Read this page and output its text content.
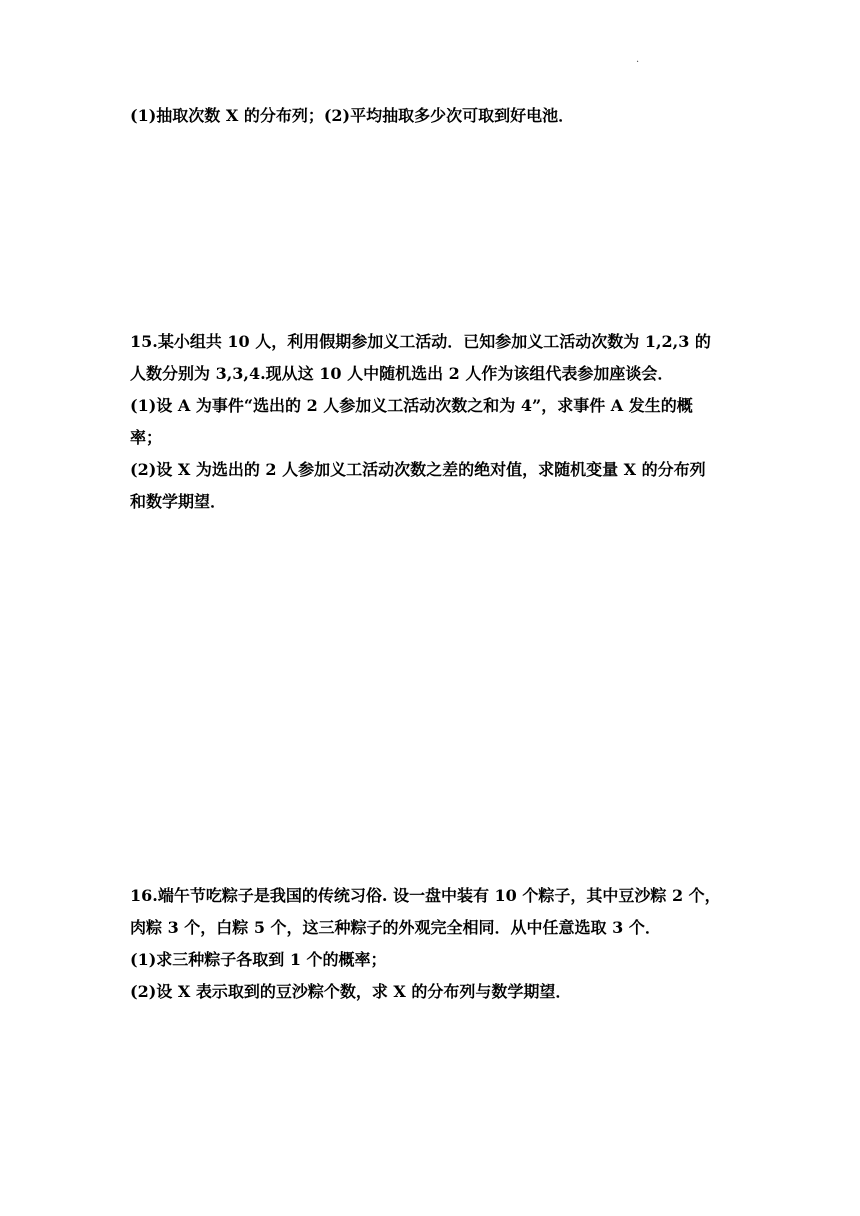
·
(1)抽取次数 X 的分布列；(2)平均抽取多少次可取到好电池．
15.某小组共 10 人，利用假期参加义工活动．已知参加义工活动次数为 1,2,3 的
人数分别为 3,3,4.现从这 10 人中随机选出 2 人作为该组代表参加座谈会．
(1)设 A 为事件“选出的 2 人参加义工活动次数之和为 4”，求事件 A 发生的概
率；
(2)设 X 为选出的 2 人参加义工活动次数之差的绝对值，求随机变量 X 的分布列
和数学期望．
16.端午节吃粽子是我国的传统习俗. 设一盘中装有 10 个粽子，其中豆沙粽 2 个，
肉粽 3 个，白粽 5 个，这三种粽子的外观完全相同．从中任意选取 3 个．
(1)求三种粽子各取到 1 个的概率；
(2)设 X 表示取到的豆沙粽个数，求 X 的分布列与数学期望．
